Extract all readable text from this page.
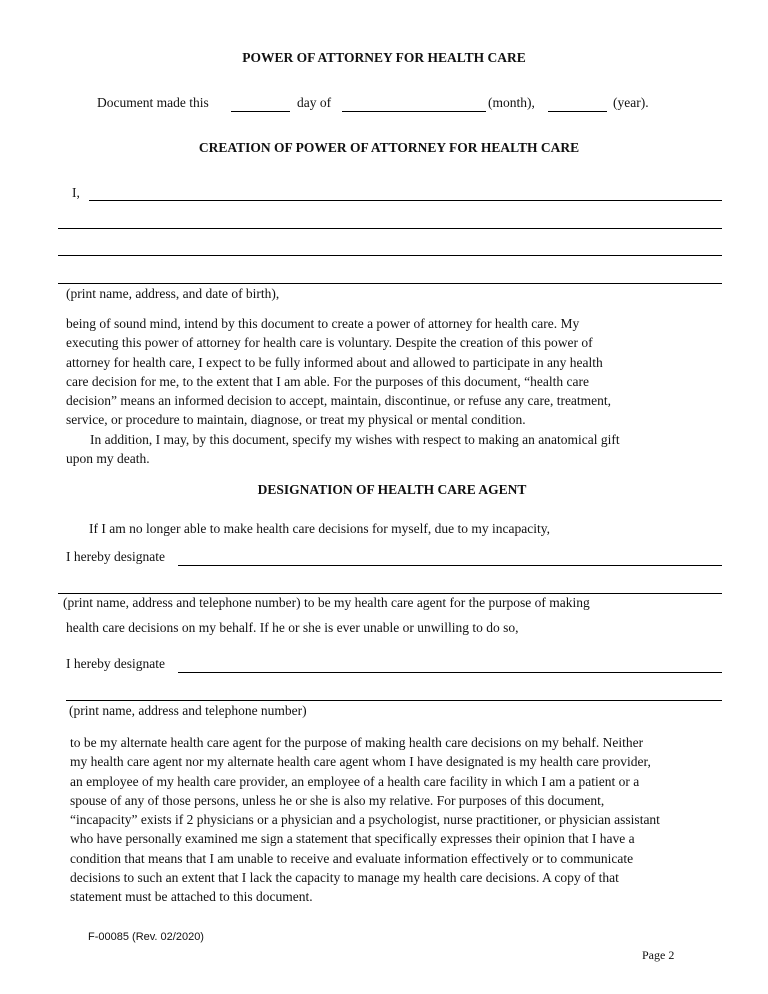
POWER OF ATTORNEY FOR HEALTH CARE
Document made this	day of	(month),	(year).
CREATION OF POWER OF ATTORNEY FOR HEALTH CARE
I,
(print name, address, and date of birth),
being of sound mind, intend by this document to create a power of attorney for health care. My
executing this power of attorney for health care is voluntary. Despite the creation of this power of
attorney for health care, I expect to be fully informed about and allowed to participate in any health
care decision for me, to the extent that I am able. For the purposes of this document, “health care
decision” means an informed decision to accept, maintain, discontinue, or refuse any care, treatment,
service, or procedure to maintain, diagnose, or treat my physical or mental condition.
In addition, I may, by this document, specify my wishes with respect to making an anatomical gift
upon my death.
DESIGNATION OF HEALTH CARE AGENT
If I am no longer able to make health care decisions for myself, due to my incapacity,
I hereby designate
(print name, address and telephone number) to be my health care agent for the purpose of making
health care decisions on my behalf. If he or she is ever unable or unwilling to do so,
I hereby designate
(print name, address and telephone number)
to be my alternate health care agent for the purpose of making health care decisions on my behalf. Neither
my health care agent nor my alternate health care agent whom I have designated is my health care provider,
an employee of my health care provider, an employee of a health care facility in which I am a patient or a
spouse of any of those persons, unless he or she is also my relative. For purposes of this document,
“incapacity” exists if 2 physicians or a physician and a psychologist, nurse practitioner, or physician assistant
who have personally examined me sign a statement that specifically expresses their opinion that I have a
condition that means that I am unable to receive and evaluate information effectively or to communicate
decisions to such an extent that I lack the capacity to manage my health care decisions. A copy of that
statement must be attached to this document.
F-00085 (Rev. 02/2020)
Page 2
